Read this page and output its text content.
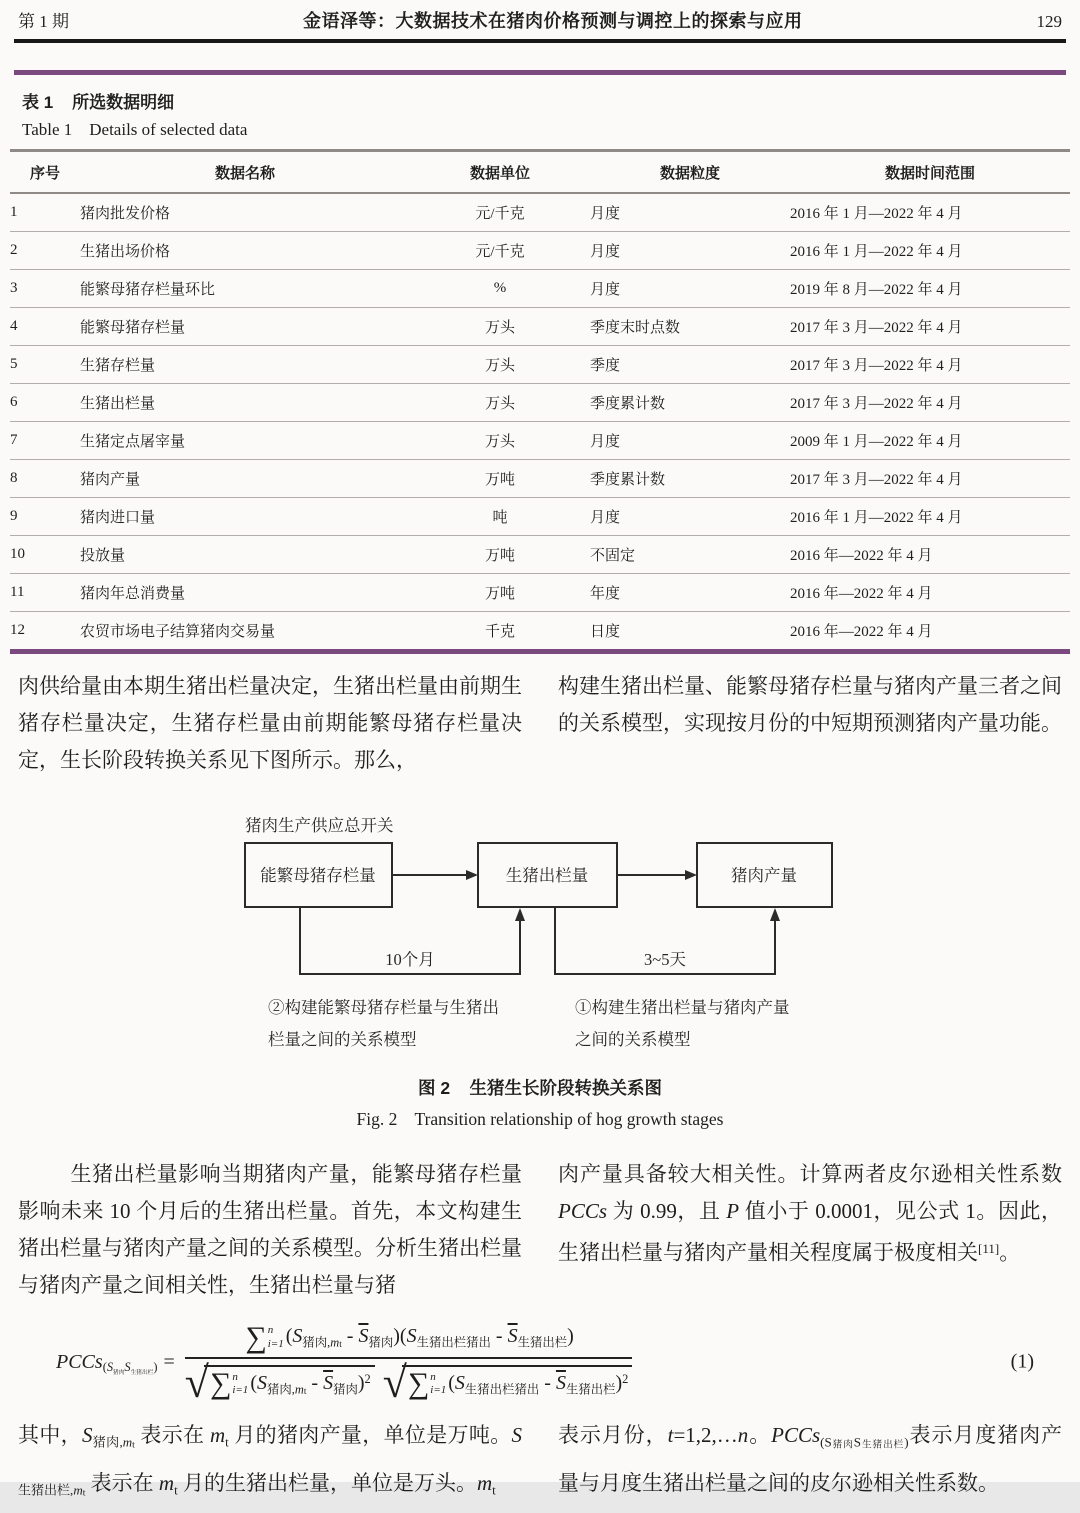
第 1 期	金语泽等：大数据技术在猪肉价格预测与调控上的探索与应用	129
表 1    所选数据明细
Table 1    Details of selected data
序号	数据名称	数据单位	数据粒度	数据时间范围
1	猪肉批发价格	元/千克	月度	2016 年 1 月—2022 年 4 月
2	生猪出场价格	元/千克	月度	2016 年 1 月—2022 年 4 月
3	能繁母猪存栏量环比	%	月度	2019 年 8 月—2022 年 4 月
4	能繁母猪存栏量	万头	季度末时点数	2017 年 3 月—2022 年 4 月
5	生猪存栏量	万头	季度	2017 年 3 月—2022 年 4 月
6	生猪出栏量	万头	季度累计数	2017 年 3 月—2022 年 4 月
7	生猪定点屠宰量	万头	月度	2009 年 1 月—2022 年 4 月
8	猪肉产量	万吨	季度累计数	2017 年 3 月—2022 年 4 月
9	猪肉进口量	吨	月度	2016 年 1 月—2022 年 4 月
10	投放量	万吨	不固定	2016 年—2022 年 4 月
11	猪肉年总消费量	万吨	年度	2016 年—2022 年 4 月
12	农贸市场电子结算猪肉交易量	千克	日度	2016 年—2022 年 4 月
肉供给量由本期生猪出栏量决定，生猪出栏量由前期生猪存栏量决定，生猪存栏量由前期能繁母猪存栏量决定，生长阶段转换关系见下图所示。那么，
构建生猪出栏量、能繁母猪存栏量与猪肉产量三者之间的关系模型，实现按月份的中短期预测猪肉产量功能。
猪肉生产供应总开关
能繁母猪存栏量	生猪出栏量	猪肉产量
10个月	3~5天
②构建能繁母猪存栏量与生猪出
栏量之间的关系模型
①构建生猪出栏量与猪肉产量
之间的关系模型
图 2    生猪生长阶段转换关系图
Fig. 2    Transition relationship of hog growth stages
生猪出栏量影响当期猪肉产量，能繁母猪存栏量影响未来 10 个月后的生猪出栏量。首先，本文构建生猪出栏量与猪肉产量之间的关系模型。分析生猪出栏量与猪肉产量之间相关性，生猪出栏量与猪
肉产量具备较大相关性。计算两者皮尔逊相关性系数 PCCs 为 0.99，且 P 值小于 0.0001，见公式 1。因此，生猪出栏量与猪肉产量相关程度属于极度相关[11]。
PCCs $(S_{猪肉}S_{生猪出栏})$ =
∑ n
i=1 $(S_{猪肉,mt} - \overline{S}_{猪肉})(S_{生猪出栏猪出} - \overline{S}_{生猪出栏})$
√ ∑ n
i=1 $(S_{猪肉,mt} - \overline{S}_{猪肉})^2$ √ ∑ n
i=1 $(S_{生猪出栏猪出} - \overline{S}_{生猪出栏})^2$
(1)
其中，$S_{猪肉,mt}$ 表示在 $m_t$ 月的猪肉产量，单位是万吨。$S_{生猪出栏,mt}$ 表示在 $m_t$ 月的生猪出栏量，单位是万头。$m_t$
表示月份，t=1,2,…n。PCCs$_{(S猪肉S生猪出栏)}$表示月度猪肉产量与月度生猪出栏量之间的皮尔逊相关性系数。
